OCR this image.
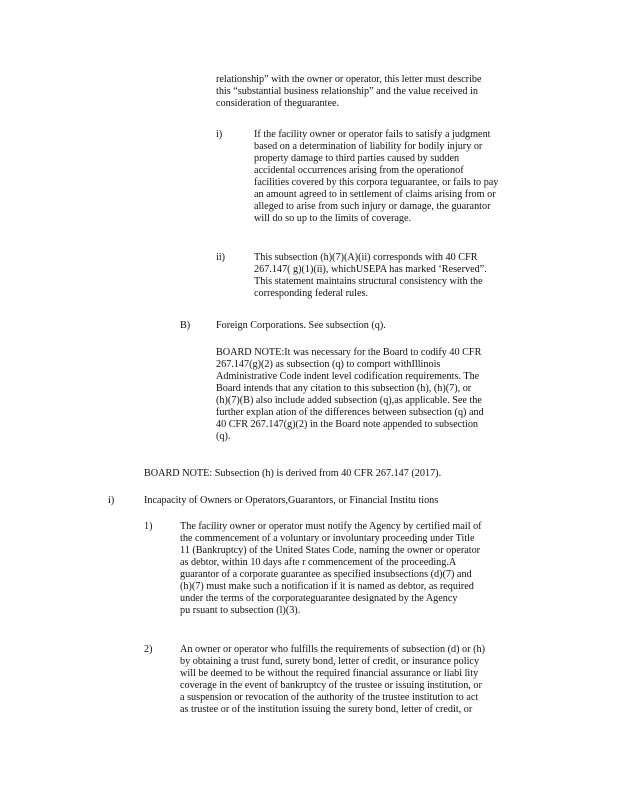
relationship” with the owner or operator, this letter must describe
this “substantial business relationship” and the value received in
consideration of theguarantee.
i)	If the facility owner or operator fails to satisfy a judgment
based on a determination of liability for bodily injury or
property damage to third parties caused by sudden
accidental occurrences arising from the operationof
facilities covered by this corpora teguarantee, or fails to pay
an amount agreed to in settlement of claims arising from or
alleged to arise from such injury or damage, the guarantor
will do so up to the limits of coverage.
ii)	This subsection (h)(7)(A)(ii) corresponds with 40 CFR
267.147( g)(1)(ii), whichUSEPA has marked ‘Reserved”.
This statement maintains structural consistency with the
corresponding federal rules.
B)	Foreign Corporations. See subsection (q).
BOARD NOTE:It was necessary for the Board to codify 40 CFR
267.147(g)(2) as subsection (q) to comport withIllinois
Administrative Code indent level codification requirements. The
Board intends that any citation to this subsection (h), (h)(7), or
(h)(7)(B) also include added subsection (q),as applicable. See the
further explan ation of the differences between subsection (q) and
40 CFR 267.147(g)(2) in the Board note appended to subsection
(q).
BOARD NOTE: Subsection (h) is derived from 40 CFR 267.147 (2017).
i)	Incapacity of Owners or Operators,Guarantors, or Financial Institu tions
1)	The facility owner or operator must notify the Agency by certified mail of
the commencement of a voluntary or involuntary proceeding under Title
11 (Bankruptcy) of the United States Code, naming the owner or operator
as debtor, within 10 days afte r commencement of the proceeding.A
guarantor of a corporate guarantee as specified insubsections (d)(7) and
(h)(7) must make such a notification if it is named as debtor, as required
under the terms of the corporateguarantee designated by the Agency
pu rsuant to subsection (l)(3).
2)	An owner or operator who fulfills the requirements of subsection (d) or (h)
by obtaining a trust fund, surety bond, letter of credit, or insurance policy
will be deemed to be without the required financial assurance or liabi lity
coverage in the event of bankruptcy of the trustee or issuing institution, or
a suspension or revocation of the authority of the trustee institution to act
as trustee or of the institution issuing the surety bond, letter of credit, or
